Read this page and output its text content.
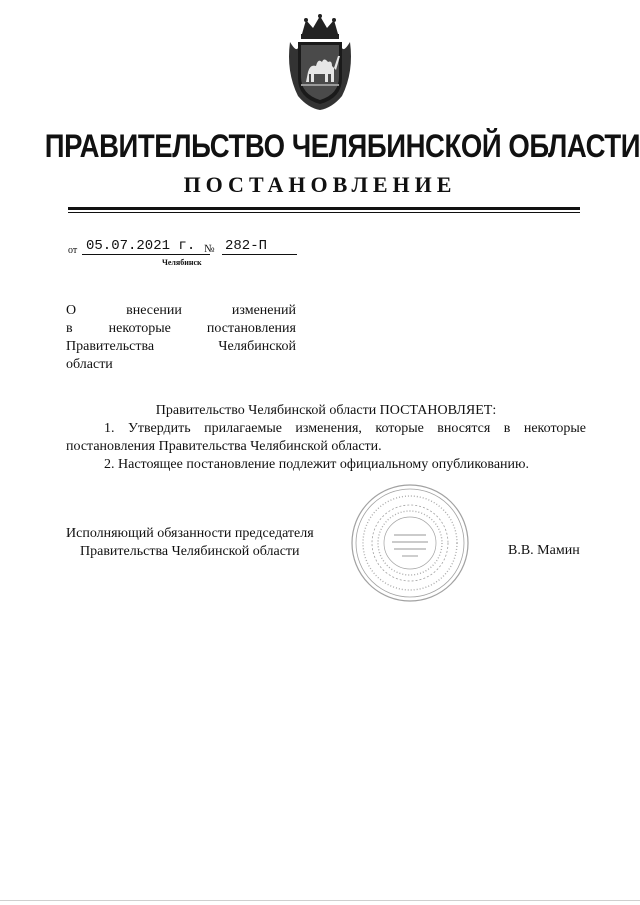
ПРАВИТЕЛЬСТВО ЧЕЛЯБИНСКОЙ ОБЛАСТИ
ПОСТАНОВЛЕНИЕ
от 05.07.2021 г. № 282-П
Челябинск
О внесении изменений
в некоторые постановления
Правительства Челябинской
области

Правительство Челябинской области ПОСТАНОВЛЯЕТ:

1. Утвердить прилагаемые изменения, которые вносятся в некоторые постановления Правительства Челябинской области.

2. Настоящее постановление подлежит официальному опубликованию.

Исполняющий обязанности председателя
Правительства Челябинской области	В.В. Мамин
